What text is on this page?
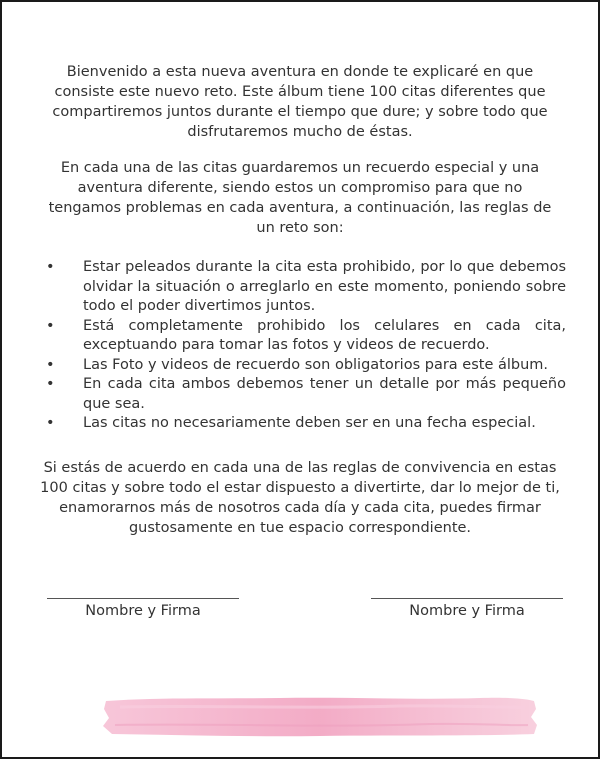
Bienvenido a esta nueva aventura en donde te explicaré en que consiste este nuevo reto. Este álbum tiene 100 citas diferentes que compartiremos juntos durante el tiempo que dure; y sobre todo que disfrutaremos mucho de éstas.

En cada una de las citas guardaremos un recuerdo especial y una aventura diferente, siendo estos un compromiso para que no tengamos problemas en cada aventura, a continuación, las reglas de un reto son:

• Estar peleados durante la cita esta prohibido, por lo que debemos olvidar la situación o arreglarlo en este momento, poniendo sobre todo el poder divertimos juntos.
• Está completamente prohibido los celulares en cada cita, exceptuando para tomar las fotos y videos de recuerdo.
• Las Foto y videos de recuerdo son obligatorios para este álbum.
• En cada cita ambos debemos tener un detalle por más pequeño que sea.
• Las citas no necesariamente deben ser en una fecha especial.

Si estás de acuerdo en cada una de las reglas de convivencia en estas 100 citas y sobre todo el estar dispuesto a divertirte, dar lo mejor de ti, enamorarnos más de nosotros cada día y cada cita, puedes firmar gustosamente en tue espacio correspondiente.

Nombre y Firma	Nombre y Firma
